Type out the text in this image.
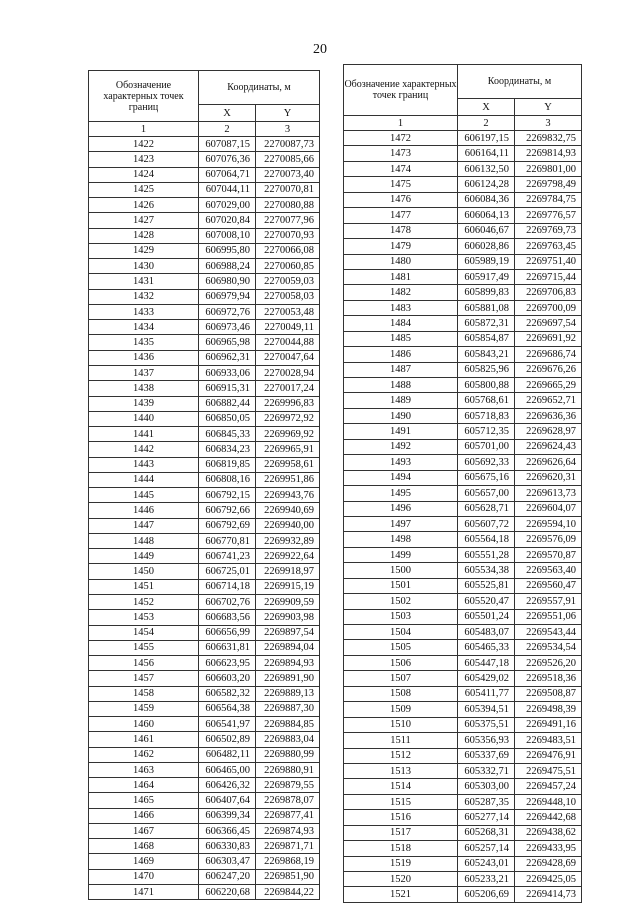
20
Обозначение характерных точек границ	Координаты, м	
	X	Y
1	2	3
1422	607087,15	2270087,73
1423	607076,36	2270085,66
1424	607064,71	2270073,40
1425	607044,11	2270070,81
1426	607029,00	2270080,88
1427	607020,84	2270077,96
1428	607008,10	2270070,93
1429	606995,80	2270066,08
1430	606988,24	2270060,85
1431	606980,90	2270059,03
1432	606979,94	2270058,03
1433	606972,76	2270053,48
1434	606973,46	2270049,11
1435	606965,98	2270044,88
1436	606962,31	2270047,64
1437	606933,06	2270028,94
1438	606915,31	2270017,24
1439	606882,44	2269996,83
1440	606850,05	2269972,92
1441	606845,33	2269969,92
1442	606834,23	2269965,91
1443	606819,85	2269958,61
1444	606808,16	2269951,86
1445	606792,15	2269943,76
1446	606792,66	2269940,69
1447	606792,69	2269940,00
1448	606770,81	2269932,89
1449	606741,23	2269922,64
1450	606725,01	2269918,97
1451	606714,18	2269915,19
1452	606702,76	2269909,59
1453	606683,56	2269903,98
1454	606656,99	2269897,54
1455	606631,81	2269894,04
1456	606623,95	2269894,93
1457	606603,20	2269891,90
1458	606582,32	2269889,13
1459	606564,38	2269887,30
1460	606541,97	2269884,85
1461	606502,89	2269883,04
1462	606482,11	2269880,99
1463	606465,00	2269880,91
1464	606426,32	2269879,55
1465	606407,64	2269878,07
1466	606399,34	2269877,41
1467	606366,45	2269874,93
1468	606330,83	2269871,71
1469	606303,47	2269868,19
1470	606247,20	2269851,90
1471	606220,68	2269844,22
Обозначение характерных точек границ	Координаты, м	
	X	Y
1	2	3
1472	606197,15	2269832,75
1473	606164,11	2269814,93
1474	606132,50	2269801,00
1475	606124,28	2269798,49
1476	606084,36	2269784,75
1477	606064,13	2269776,57
1478	606046,67	2269769,73
1479	606028,86	2269763,45
1480	605989,19	2269751,40
1481	605917,49	2269715,44
1482	605899,83	2269706,83
1483	605881,08	2269700,09
1484	605872,31	2269697,54
1485	605854,87	2269691,92
1486	605843,21	2269686,74
1487	605825,96	2269676,26
1488	605800,88	2269665,29
1489	605768,61	2269652,71
1490	605718,83	2269636,36
1491	605712,35	2269628,97
1492	605701,00	2269624,43
1493	605692,33	2269626,64
1494	605675,16	2269620,31
1495	605657,00	2269613,73
1496	605628,71	2269604,07
1497	605607,72	2269594,10
1498	605564,18	2269576,09
1499	605551,28	2269570,87
1500	605534,38	2269563,40
1501	605525,81	2269560,47
1502	605520,47	2269557,91
1503	605501,24	2269551,06
1504	605483,07	2269543,44
1505	605465,33	2269534,54
1506	605447,18	2269526,20
1507	605429,02	2269518,36
1508	605411,77	2269508,87
1509	605394,51	2269498,39
1510	605375,51	2269491,16
1511	605356,93	2269483,51
1512	605337,69	2269476,91
1513	605332,71	2269475,51
1514	605303,00	2269457,24
1515	605287,35	2269448,10
1516	605277,14	2269442,68
1517	605268,31	2269438,62
1518	605257,14	2269433,95
1519	605243,01	2269428,69
1520	605233,21	2269425,05
1521	605206,69	2269414,73
